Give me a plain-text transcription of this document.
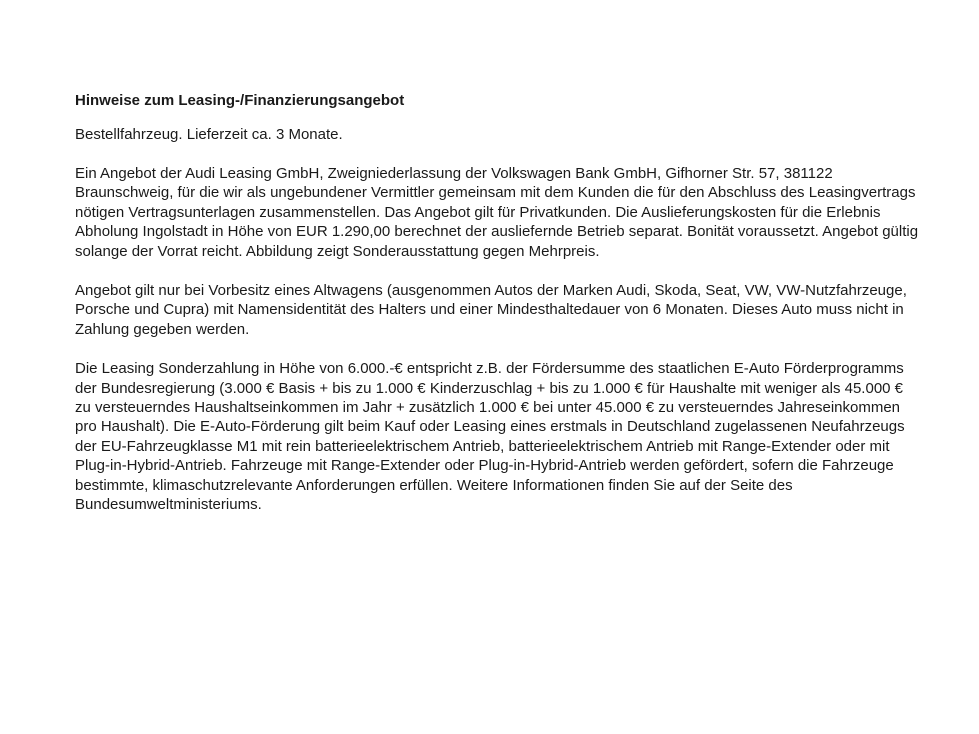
Hinweise zum Leasing-/Finanzierungsangebot

Bestellfahrzeug. Lieferzeit ca. 3 Monate.

Ein Angebot der Audi Leasing GmbH, Zweigniederlassung der Volkswagen Bank GmbH, Gifhorner Str. 57, 381122 Braunschweig, für die wir als ungebundener Vermittler gemeinsam mit dem Kunden die für den Abschluss des Leasingvertrags nötigen Vertragsunterlagen zusammenstellen. Das Angebot gilt für Privatkunden. Die Auslieferungskosten für die Erlebnis Abholung Ingolstadt in Höhe von EUR 1.290,00 berechnet der ausliefernde Betrieb separat. Bonität voraussetzt. Angebot gültig solange der Vorrat reicht. Abbildung zeigt Sonderausstattung gegen Mehrpreis.

Angebot gilt nur bei Vorbesitz eines Altwagens (ausgenommen Autos der Marken Audi, Skoda, Seat, VW, VW-Nutzfahrzeuge, Porsche und Cupra) mit Namensidentität des Halters und einer Mindesthaltedauer von 6 Monaten. Dieses Auto muss nicht in Zahlung gegeben werden.

Die Leasing Sonderzahlung in Höhe von 6.000.-€ entspricht z.B. der Fördersumme des staatlichen E-Auto Förderprogramms der Bundesregierung (3.000 € Basis + bis zu 1.000 € Kinderzuschlag + bis zu 1.000 € für Haushalte mit weniger als 45.000 € zu versteuerndes Haushaltseinkommen im Jahr + zusätzlich 1.000 € bei unter 45.000 € zu versteuerndes Jahreseinkommen pro Haushalt). Die E-Auto-Förderung gilt beim Kauf oder Leasing eines erstmals in Deutschland zugelassenen Neufahrzeugs der EU-Fahrzeugklasse M1 mit rein batterieelektrischem Antrieb, batterieelektrischem Antrieb mit Range-Extender oder mit Plug-in-Hybrid-Antrieb. Fahrzeuge mit Range-Extender oder Plug-in-Hybrid-Antrieb werden gefördert, sofern die Fahrzeuge bestimmte, klimaschutzrelevante Anforderungen erfüllen. Weitere Informationen finden Sie auf der Seite des Bundesumweltministeriums.
